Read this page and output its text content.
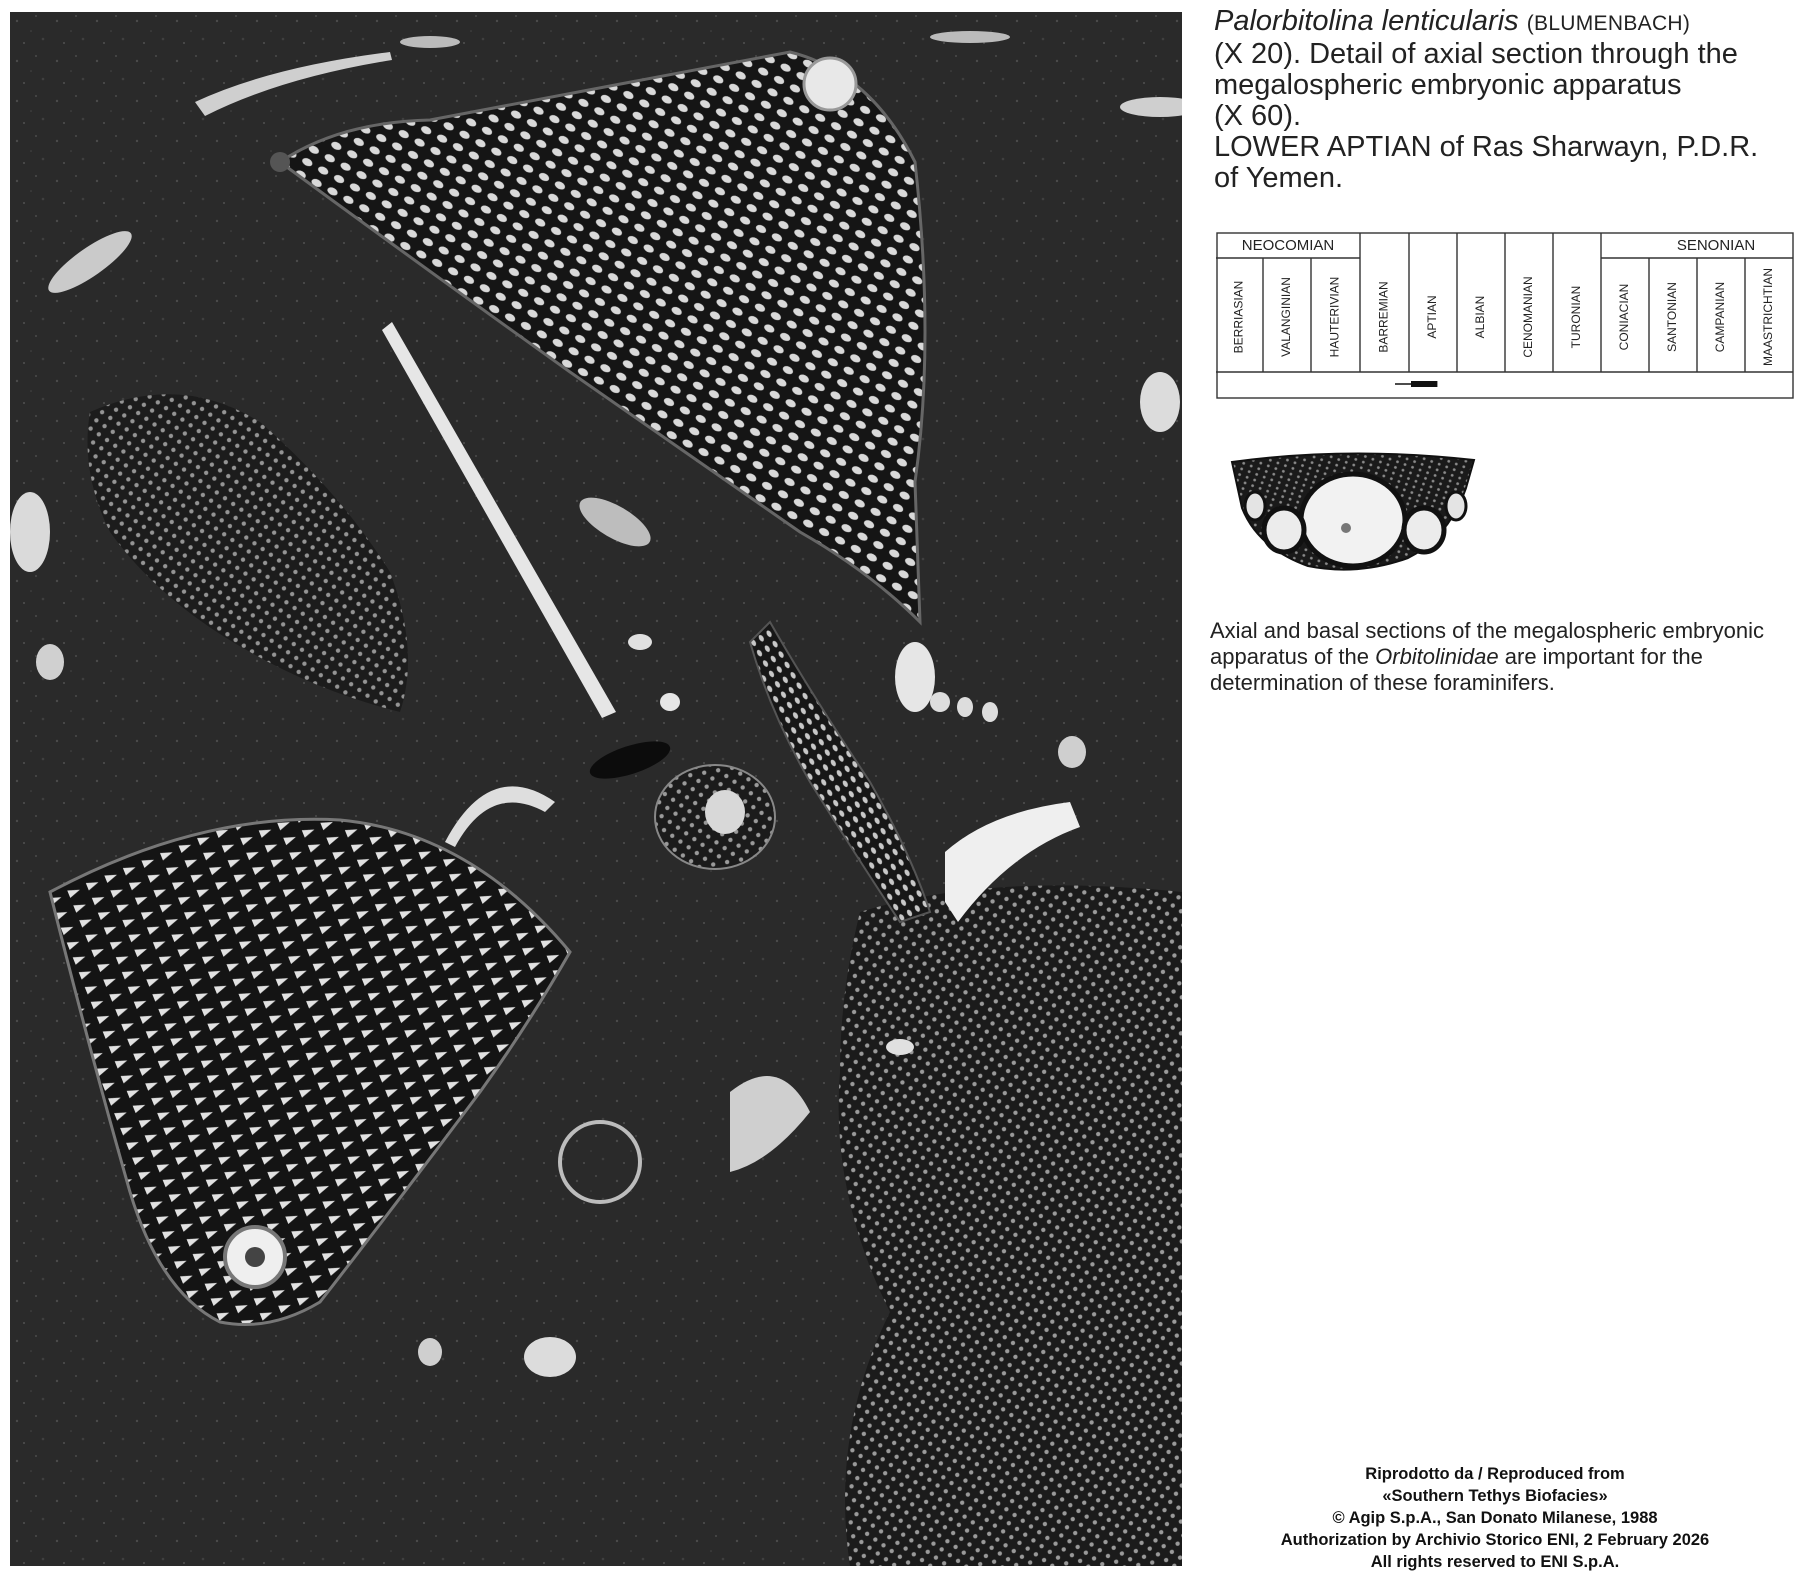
Palorbitolina lenticularis (BLUMENBACH)
(X 20). Detail of axial section through the
megalospheric embryonic apparatus
(X 60).
LOWER APTIAN of Ras Sharwayn, P.D.R.
of Yemen.
BERRIASIAN	VALANGINIAN	HAUTERIVIAN	BARREMIAN	APTIAN	ALBIAN	CENOMANIAN	TURONIAN	CONIACIAN	SANTONIAN	CAMPANIAN	MAASTRICHTIAN
NEOCOMIAN	SENONIAN
Axial and basal sections of the megalospheric embryonic apparatus of the Orbitolinidae are important for the determination of these foraminifers.
Riprodotto da / Reproduced from
«Southern Tethys Biofacies»
© Agip S.p.A., San Donato Milanese, 1988
Authorization by Archivio Storico ENI, 2 February 2026
All rights reserved to ENI S.p.A.
